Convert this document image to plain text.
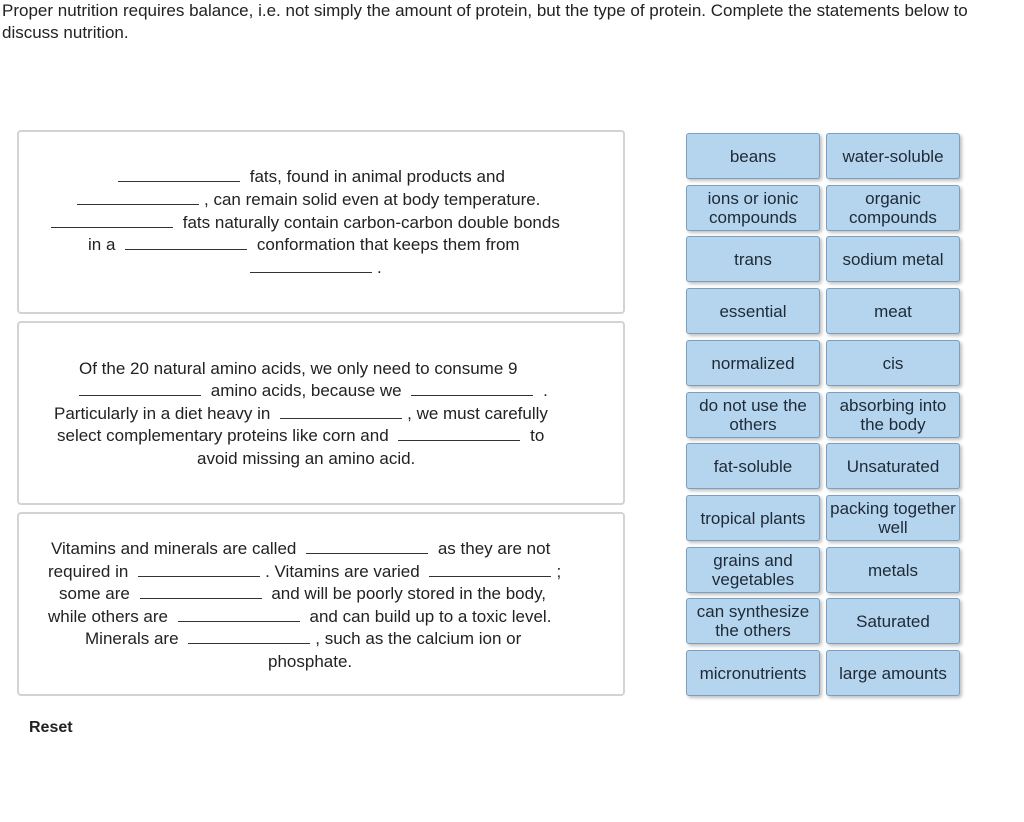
Proper nutrition requires balance, i.e. not simply the amount of protein, but the type of protein. Complete the statements below to discuss nutrition.
fats, found in animal products and
, can remain solid even at body temperature.
fats naturally contain carbon-carbon double bonds
in a	conformation that keeps them from
.
Of the 20 natural amino acids, we only need to consume 9
amino acids, because we	.
Particularly in a diet heavy in	, we must carefully
select complementary proteins like corn and	to
avoid missing an amino acid.
Vitamins and minerals are called	as they are not
required in	. Vitamins are varied	;
some are	and will be poorly stored in the body,
while others are	and can build up to a toxic level.
Minerals are	, such as the calcium ion or
phosphate.
beans	water-soluble
ions or ionic compounds
organic compounds
trans	sodium metal
essential	meat
normalized	cis
do not use the others
absorbing into the body
fat-soluble	Unsaturated
tropical plants	packing together well
grains and vegetables	metals
can synthesize the others	Saturated
micronutrients	large amounts
Reset
